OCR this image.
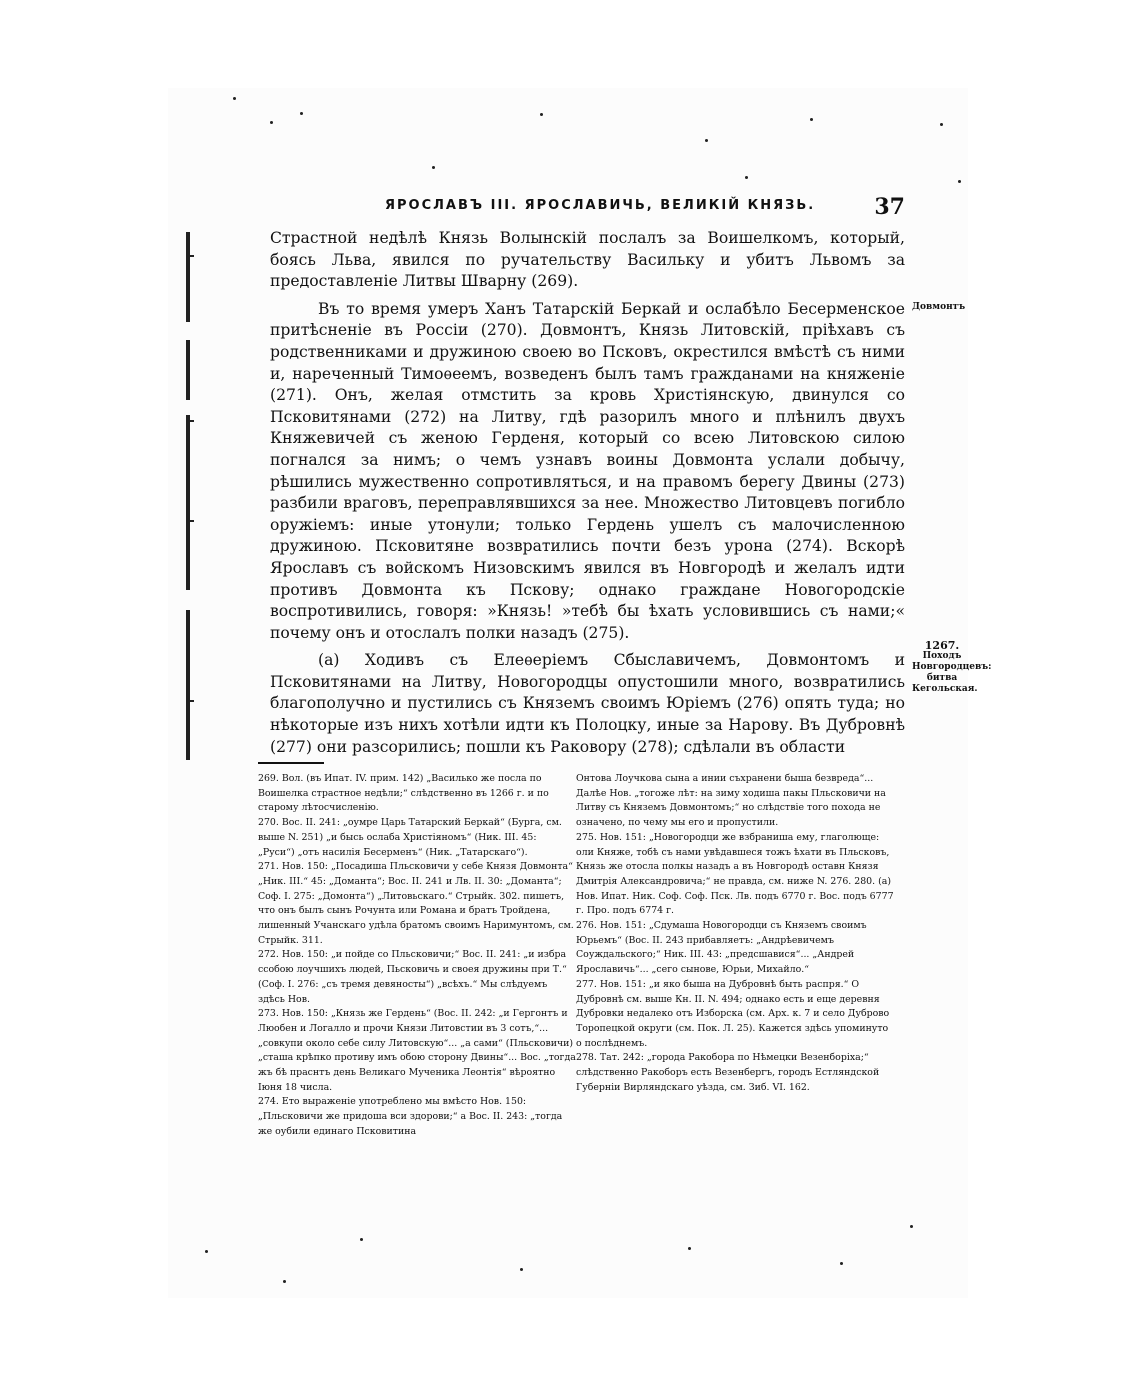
ЯРОСЛАВЪ III. ЯРОСЛАВИЧЬ, ВЕЛИКІЙ КНЯЗЬ.	37

Страстной недѣлѣ Князь Волынскій послалъ за Воишелкомъ, который, боясь Льва, явился по ручательству Васильку и убитъ Львомъ за предоставленіе Литвы Шварну (269).

Въ то время умеръ Ханъ Татарскій Беркай и ослабѣло Бесерменское притѣсненіе въ Россіи (270). Довмонтъ, Князь Литовскій, пріѣхавъ съ родственниками и дружиною своею во Псковъ, окрестился вмѣстѣ съ ними и, нареченный Тимоѳеемъ, возведенъ былъ тамъ гражданами на княженіе (271). Онъ, желая отмстить за кровь Христіянскую, двинулся со Псковитянами (272) на Литву, гдѣ разорилъ много и плѣнилъ двухъ Княжевичей съ женою Герденя, который со всею Литовскою силою погнался за нимъ; о чемъ узнавъ воины Довмонта услали добычу, рѣшились мужественно сопротивляться, и на правомъ берегу Двины (273) разбили враговъ, переправлявшихся за нее. Множество Литовцевъ погибло оружіемъ: иные утонули; только Гердень ушелъ съ малочисленною дружиною. Псковитяне возвратились почти безъ урона (274). Вскорѣ Ярославъ съ войскомъ Низовскимъ явился въ Новгородѣ и желалъ идти противъ Довмонта къ Пскову; однако граждане Новогородскіе воспротивились, говоря: »Князь! »тебѣ бы ѣхать условившись съ нами;« почему онъ и отослалъ полки назадъ (275).

(а) Ходивъ съ Елеѳеріемъ Сбыславичемъ, Довмонтомъ и Псковитянами на Литву, Новогородцы опустошили много, возвратились благополучно и пустились съ Княземъ своимъ Юріемъ (276) опять туда; но нѣкоторые изъ нихъ хотѣли идти къ Полоцку, иные за Нарову. Въ Дубровнѣ (277) они разсорились; пошли къ Раковору (278); сдѣлали въ области

Довмонтъ
1267.
Походъ Новгородцевъ: битва Кегольская.

269. Вол. (въ Ипат. IV. прим. 142) „Василько же посла по Воишелка страстное недѣли;“ слѣдственно въ 1266 г. и по старому лѣтосчисленію.

270. Вос. II. 241: „оумре Царь Татарский Беркай“ (Бурга, см. выше N. 251) „и бысь ослаба Христіяномъ“ (Ник. III. 45: „Руси“) „отъ насилія Бесерменъ“ (Ник. „Татарскаго“).

271. Нов. 150: „Посадиша Пльсковичи у себе Князя Довмонта“ „Ник. III.“ 45: „Доманта“; Вос. II. 241 и Лв. II. 30: „Доманта“; Соф. I. 275: „Домонта“) „Литовьскаго.“ Стрыйк. 302. пишетъ, что онъ былъ сынъ Рочунта или Романа и братъ Тройдена, лишенный Учанскаго удѣла братомъ своимъ Наримунтомъ, см. Стрыйк. 311.

272. Нов. 150: „и пойде со Пльсковичи;“ Вос. II. 241: „и избра ссобою лоучшихъ людей, Пьсковичь и своея дружины при Т.“ (Соф. I. 276: „съ тремя девяносты“) „всѣхъ.“ Мы слѣдуемъ здѣсь Нов.

273. Нов. 150: „Князь же Гердень“ (Вос. II. 242: „и Гергонтъ и Люобен и Логалло и прочи Князи Литовстии въ 3 сотъ,“... „совкупи около себе силу Литовскую“... „а сами“ (Пльсковичи) „сташа крѣпко противу имъ обою сторону Двины“... Вос. „тогда жъ бѣ праснтъ день Великаго Мученика Леонтія“ вѣроятно Іюня 18 числа.

274. Ето выраженіе употреблено мы вмѣсто Нов. 150: „Пльсковичи же придоша вси здорови;“ а Вос. II. 243: „тогда же оубили единаго Псковитина

Онтова Лоучкова сына а инии съхранени быша безвреда“... Далѣе Нов. „тогоже лѣт: на зиму ходиша пакы Пльсковичи на Литву съ Княземъ Довмонтомъ;“ но слѣдствіе того похода не означено, по чему мы его и пропустили.

275. Нов. 151: „Новогородци же взбраниша ему, глаголюще: оли Княже, тобѣ съ нами увѣдавшеся тожъ ѣхати въ Пльсковъ, Князь же отосла полкы назадъ а въ Новгородѣ оставн Князя Дмитрія Александровича;“ не правда, см. ниже N. 276. 280. (а) Нов. Ипат. Ник. Соф. Соф. Пск. Лв. подъ 6770 г. Вос. подъ 6777 г. Про. подъ 6774 г.

276. Нов. 151: „Сдумаша Новогородци съ Княземъ своимъ Юрьемъ“ (Вос. II. 243 прибавляетъ: „Андрѣевичемъ Соуждальского;“ Ник. III. 43: „предсшавися“... „Андрей Ярославичь“... „сего сынове, Юрьи, Михайло.“

277. Нов. 151: „и яко быша на Дубровнѣ быть распря.“ О Дубровнѣ см. выше Кн. II. N. 494; однако есть и еще деревня Дубровки недалеко отъ Изборска (см. Арх. к. 7 и село Дуброво Торопецкой округи (см. Пок. Л. 25). Кажется здѣсь упоминуто о послѣднемъ.

278. Тат. 242: „города Ракобора по Нѣмецки Везенборіха;“ слѣдственно Ракоборъ есть Везенбергъ, городъ Естляндской Губерніи Вирляндскаго уѣзда, см. Зиб. VI. 162.
